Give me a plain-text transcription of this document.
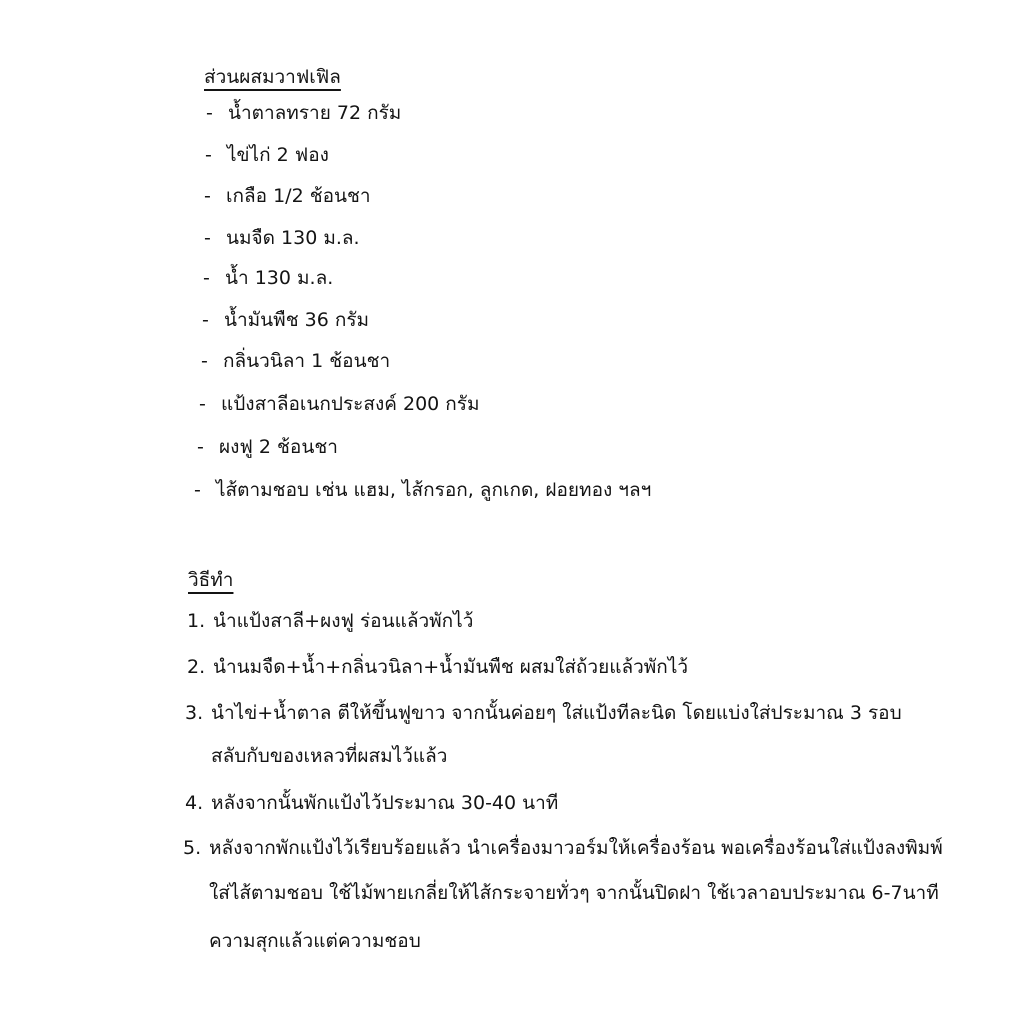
ส่วนผสมวาฟเฟิล
- น้ำตาลทราย 72 กรัม
- ไข่ไก่ 2 ฟอง
- เกลือ 1/2 ช้อนชา
- นมจืด 130 ม.ล.
- น้ำ 130 ม.ล.
- น้ำมันพืช 36 กรัม
- กลิ่นวนิลา 1 ช้อนชา
- แป้งสาลีอเนกประสงค์ 200 กรัม
- ผงฟู 2 ช้อนชา
- ไส้ตามชอบ เช่น แฮม, ไส้กรอก, ลูกเกด, ฝอยทอง ฯลฯ
วิธีทำ
1. นำแป้งสาลี+ผงฟู ร่อนแล้วพักไว้
2. นำนมจืด+น้ำ+กลิ่นวนิลา+น้ำมันพืช ผสมใส่ถ้วยแล้วพักไว้
3. นำไข่+น้ำตาล ตีให้ขึ้นฟูขาว จากนั้นค่อยๆ ใส่แป้งทีละนิด โดยแบ่งใส่ประมาณ 3 รอบ
สลับกับของเหลวที่ผสมไว้แล้ว
4. หลังจากนั้นพักแป้งไว้ประมาณ 30-40 นาที
5. หลังจากพักแป้งไว้เรียบร้อยแล้ว นำเครื่องมาวอร์มให้เครื่องร้อน พอเครื่องร้อนใส่แป้งลงพิมพ์
ใส่ไส้ตามชอบ ใช้ไม้พายเกลี่ยให้ไส้กระจายทั่วๆ จากนั้นปิดฝา ใช้เวลาอบประมาณ 6-7นาที
ความสุกแล้วแต่ความชอบ
